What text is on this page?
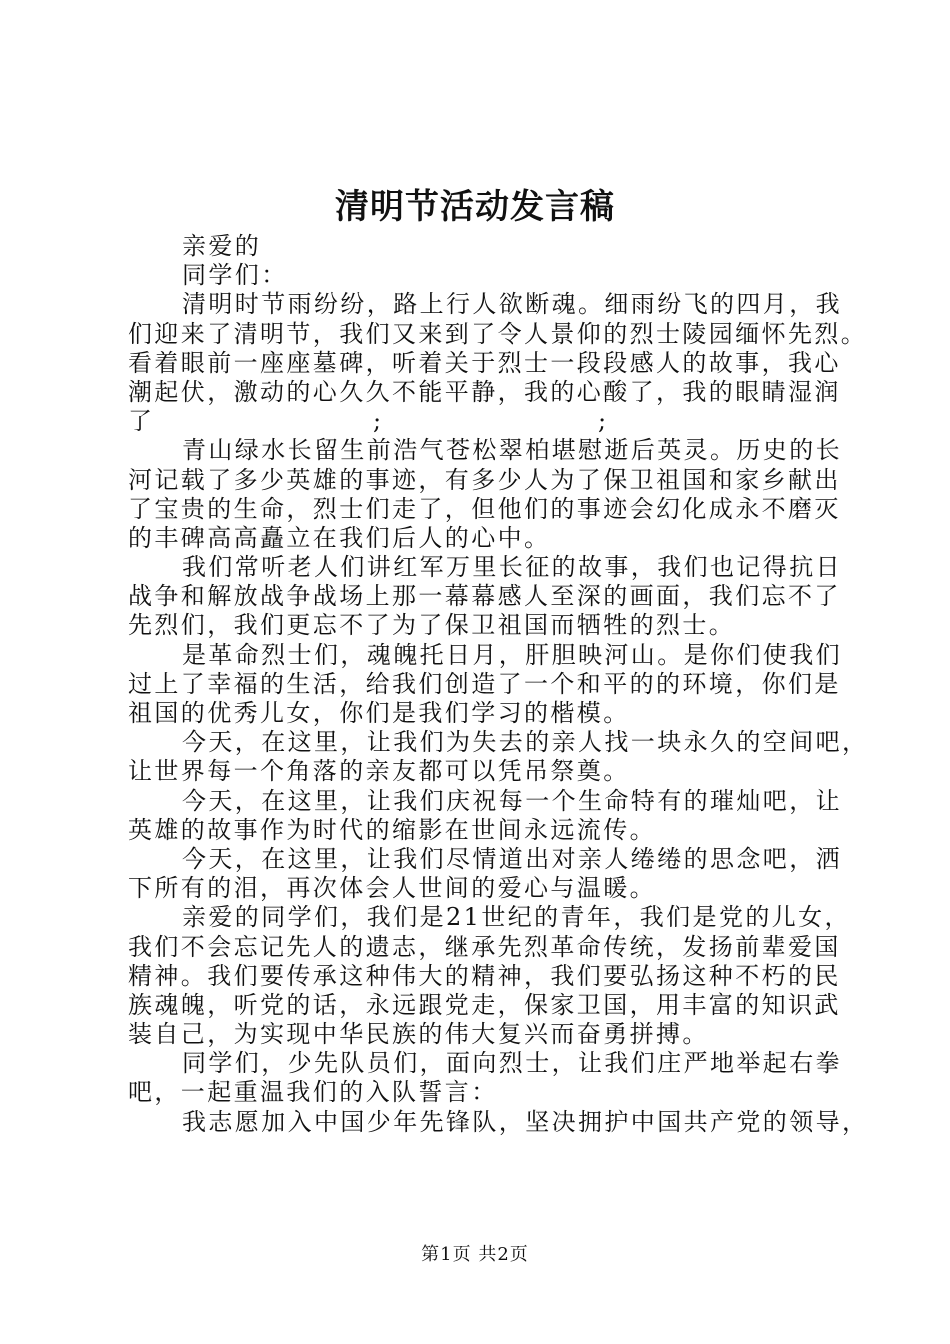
清明节活动发言稿
亲爱的
同学们：
清明时节雨纷纷，路上行人欲断魂。细雨纷飞的四月，我
们迎来了清明节，我们又来到了令人景仰的烈士陵园缅怀先烈。
看着眼前一座座墓碑，听着关于烈士一段段感人的故事，我心
潮起伏，激动的心久久不能平静，我的心酸了，我的眼睛湿润
了	;	;
青山绿水长留生前浩气苍松翠柏堪慰逝后英灵。历史的长
河记载了多少英雄的事迹，有多少人为了保卫祖国和家乡献出
了宝贵的生命，烈士们走了，但他们的事迹会幻化成永不磨灭
的丰碑高高矗立在我们后人的心中。
我们常听老人们讲红军万里长征的故事，我们也记得抗日
战争和解放战争战场上那一幕幕感人至深的画面，我们忘不了
先烈们，我们更忘不了为了保卫祖国而牺牲的烈士。
是革命烈士们，魂魄托日月，肝胆映河山。是你们使我们
过上了幸福的生活，给我们创造了一个和平的的环境，你们是
祖国的优秀儿女，你们是我们学习的楷模。
今天，在这里，让我们为失去的亲人找一块永久的空间吧，
让世界每一个角落的亲友都可以凭吊祭奠。
今天，在这里，让我们庆祝每一个生命特有的璀灿吧，让
英雄的故事作为时代的缩影在世间永远流传。
今天，在这里，让我们尽情道出对亲人绻绻的思念吧，洒
下所有的泪，再次体会人世间的爱心与温暖。
亲爱的同学们，我们是21世纪的青年，我们是党的儿女，
我们不会忘记先人的遗志，继承先烈革命传统，发扬前辈爱国
精神。我们要传承这种伟大的精神，我们要弘扬这种不朽的民
族魂魄，听党的话，永远跟党走，保家卫国，用丰富的知识武
装自己，为实现中华民族的伟大复兴而奋勇拼搏。
同学们，少先队员们，面向烈士，让我们庄严地举起右拳
吧，一起重温我们的入队誓言：
我志愿加入中国少年先锋队，坚决拥护中国共产党的领导，
第1页 共2页
